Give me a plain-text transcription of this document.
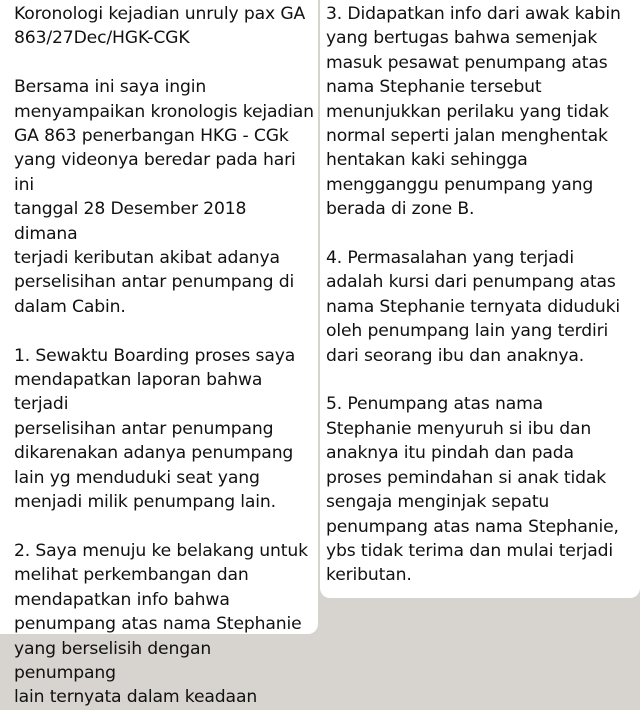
Koronologi kejadian unruly pax GA
863/27Dec/HGK-CGK

Bersama ini saya ingin
menyampaikan kronologis kejadian
GA 863 penerbangan HKG - CGk
yang videonya beredar pada hari ini
tanggal 28 Desember 2018 dimana
terjadi keributan akibat adanya
perselisihan antar penumpang di
dalam Cabin.

1. Sewaktu Boarding proses saya
mendapatkan laporan bahwa terjadi
perselisihan antar penumpang
dikarenakan adanya penumpang
lain yg menduduki seat yang
menjadi milik penumpang lain.

2. Saya menuju ke belakang untuk
melihat perkembangan dan
mendapatkan info bahwa
penumpang atas nama Stephanie
yang berselisih dengan penumpang
lain ternyata dalam keadaan

3. Didapatkan info dari awak kabin
yang bertugas bahwa semenjak
masuk pesawat penumpang atas
nama Stephanie tersebut
menunjukkan perilaku yang tidak
normal seperti jalan menghentak
hentakan kaki sehingga
mengganggu penumpang yang
berada di zone B.

4. Permasalahan yang terjadi
adalah kursi dari penumpang atas
nama Stephanie ternyata diduduki
oleh penumpang lain yang terdiri
dari seorang ibu dan anaknya.

5. Penumpang atas nama
Stephanie menyuruh si ibu dan
anaknya itu pindah dan pada
proses pemindahan si anak tidak
sengaja menginjak sepatu
penumpang atas nama Stephanie,
ybs tidak terima dan mulai terjadi
keributan.
